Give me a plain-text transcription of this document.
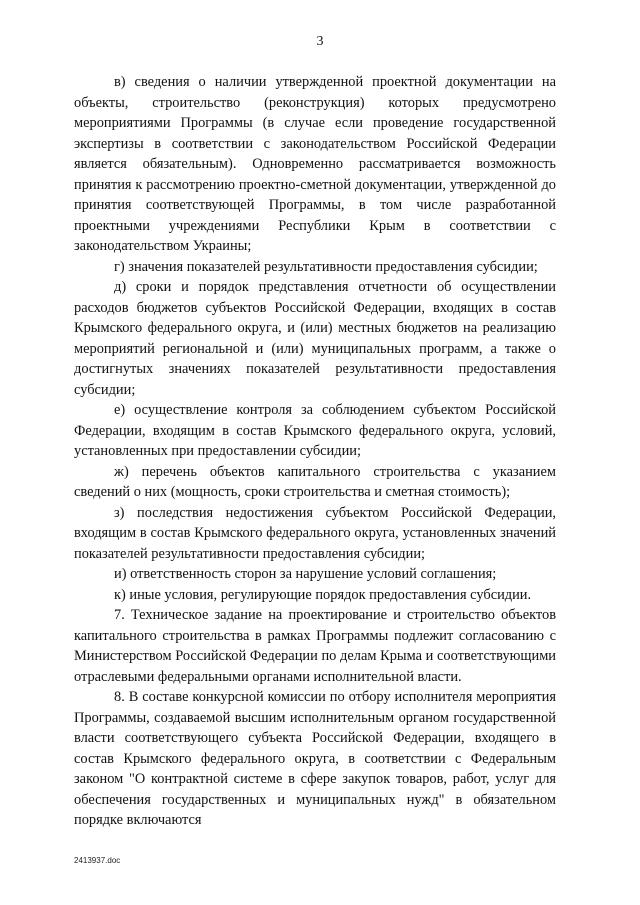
3

в) сведения о наличии утвержденной проектной документации на объекты, строительство (реконструкция) которых предусмотрено мероприятиями Программы (в случае если проведение государственной экспертизы в соответствии с законодательством Российской Федерации является обязательным). Одновременно рассматривается возможность принятия к рассмотрению проектно-сметной документации, утвержденной до принятия соответствующей Программы, в том числе разработанной проектными учреждениями Республики Крым в соответствии с законодательством Украины;

г) значения показателей результативности предоставления субсидии;

д) сроки и порядок представления отчетности об осуществлении расходов бюджетов субъектов Российской Федерации, входящих в состав Крымского федерального округа, и (или) местных бюджетов на реализацию мероприятий региональной и (или) муниципальных программ, а также о достигнутых значениях показателей результативности предоставления субсидии;

е) осуществление контроля за соблюдением субъектом Российской Федерации, входящим в состав Крымского федерального округа, условий, установленных при предоставлении субсидии;

ж) перечень объектов капитального строительства с указанием сведений о них (мощность, сроки строительства и сметная стоимость);

з) последствия недостижения субъектом Российской Федерации, входящим в состав Крымского федерального округа, установленных значений показателей результативности предоставления субсидии;

и) ответственность сторон за нарушение условий соглашения;

к) иные условия, регулирующие порядок предоставления субсидии.

7. Техническое задание на проектирование и строительство объектов капитального строительства в рамках Программы подлежит согласованию с Министерством Российской Федерации по делам Крыма и соответствующими отраслевыми федеральными органами исполнительной власти.

8. В составе конкурсной комиссии по отбору исполнителя мероприятия Программы, создаваемой высшим исполнительным органом государственной власти соответствующего субъекта Российской Федерации, входящего в состав Крымского федерального округа, в соответствии с Федеральным законом "О контрактной системе в сфере закупок товаров, работ, услуг для обеспечения государственных и муниципальных нужд" в обязательном порядке включаются

2413937.doc
